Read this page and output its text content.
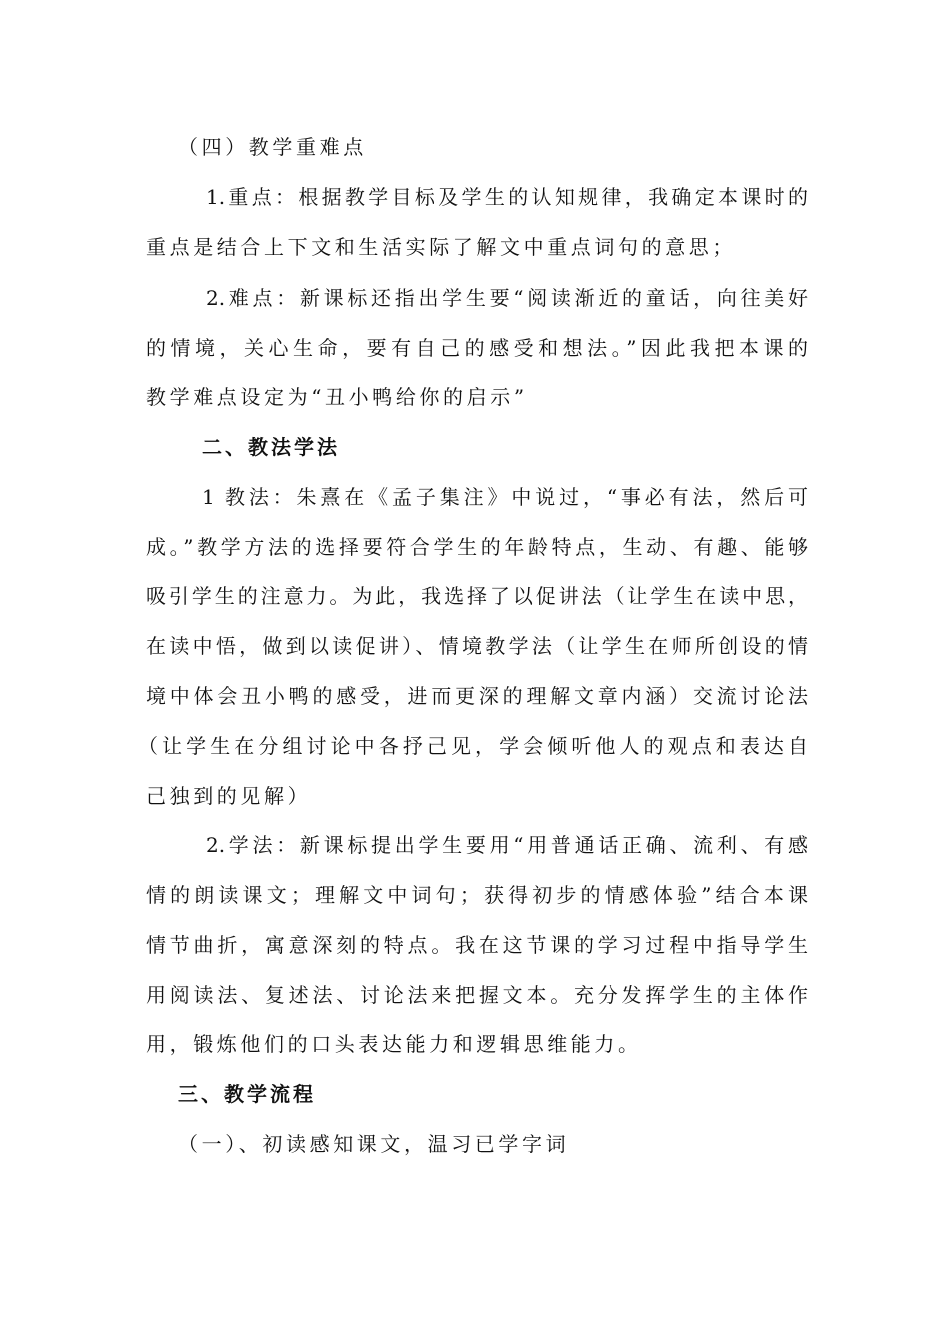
（四）教学重难点
1.重点：根据教学目标及学生的认知规律，我确定本课时的
重点是结合上下文和生活实际了解文中重点词句的意思；
2.难点：新课标还指出学生要“阅读渐近的童话，向往美好
的情境，关心生命，要有自己的感受和想法。”因此我把本课的
教学难点设定为“丑小鸭给你的启示”
二、教法学法
1 教法：朱熹在《孟子集注》中说过，“事必有法，然后可
成。”教学方法的选择要符合学生的年龄特点，生动、有趣、能够
吸引学生的注意力。为此，我选择了以促讲法（让学生在读中思，
在读中悟，做到以读促讲）、情境教学法（让学生在师所创设的情
境中体会丑小鸭的感受，进而更深的理解文章内涵）交流讨论法
（让学生在分组讨论中各抒己见，学会倾听他人的观点和表达自
己独到的见解）
2.学法：新课标提出学生要用“用普通话正确、流利、有感
情的朗读课文；理解文中词句；获得初步的情感体验”结合本课
情节曲折，寓意深刻的特点。我在这节课的学习过程中指导学生
用阅读法、复述法、讨论法来把握文本。充分发挥学生的主体作
用，锻炼他们的口头表达能力和逻辑思维能力。
三、教学流程
（一）、初读感知课文，温习已学字词
